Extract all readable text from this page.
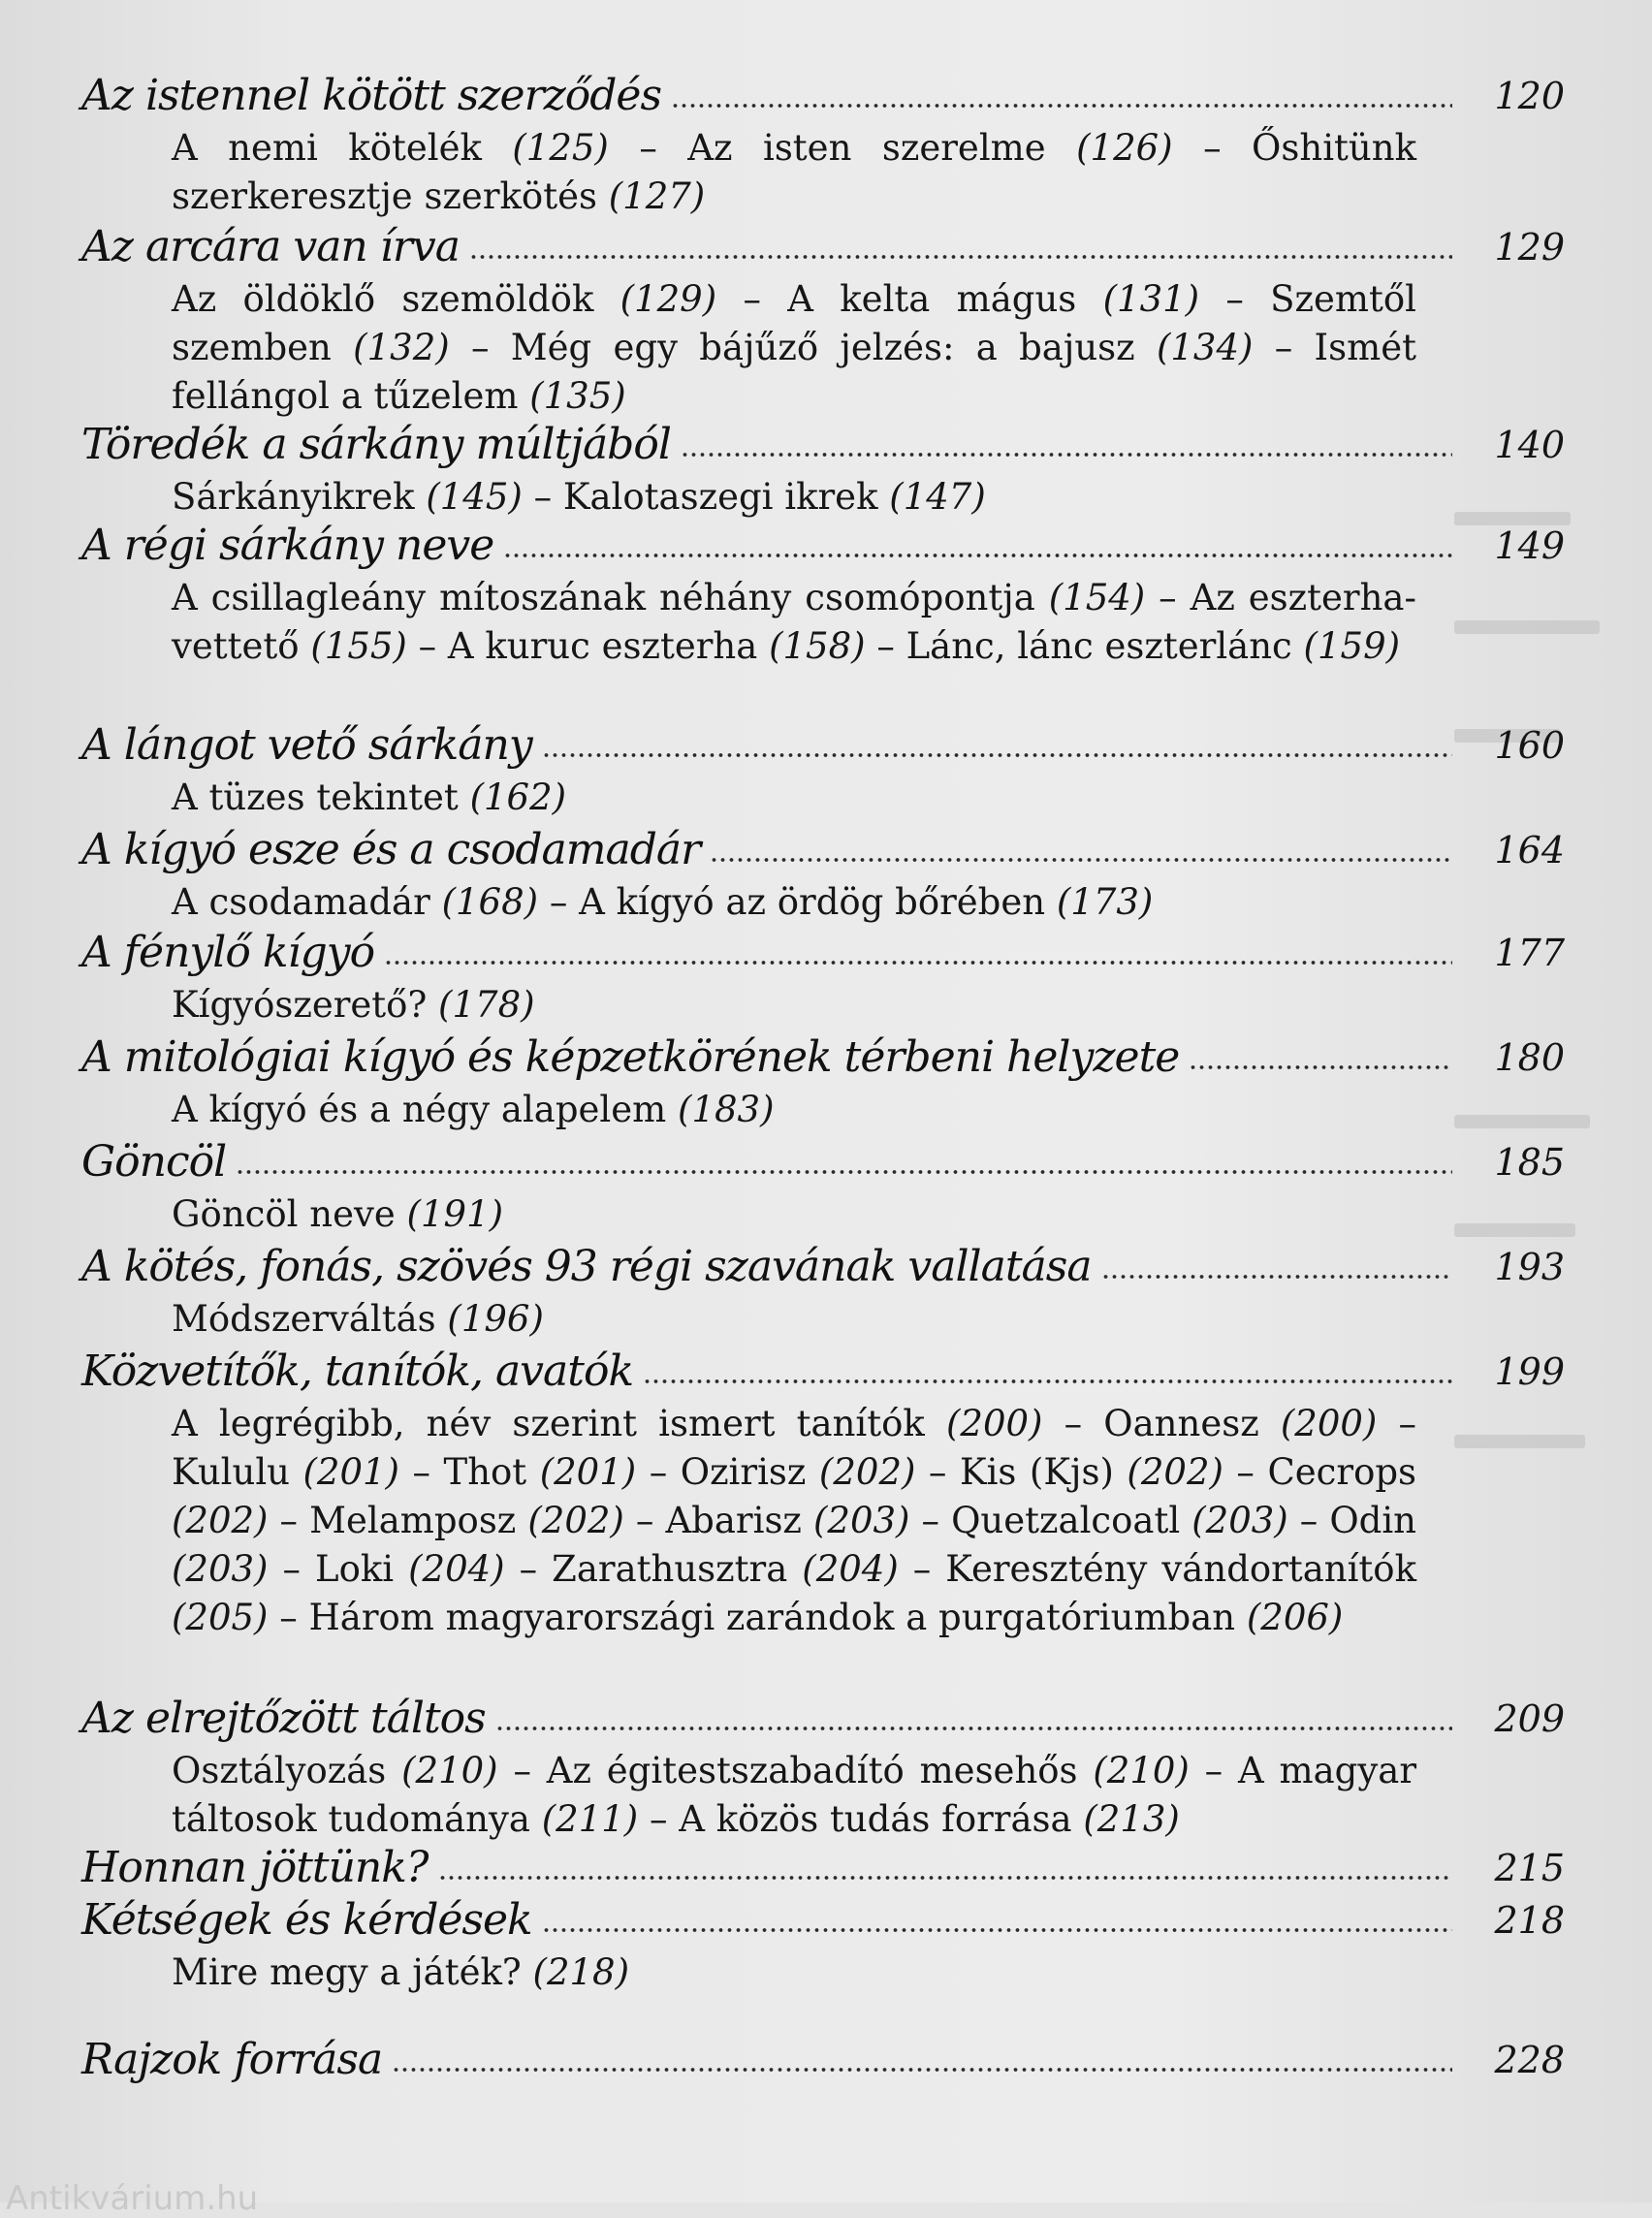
Az istennel kötött szerződés	120
A nemi kötelék (125) – Az isten szerelme (126) – Őshitünk szerkeresztje szerkötés (127)
Az arcára van írva	129
Az öldöklő szemöldök (129) – A kelta mágus (131) – Szemtől szemben (132) – Még egy bájűző jelzés: a bajusz (134) – Ismét fellángol a tűzelem (135)
Töredék a sárkány múltjából	140
Sárkányikrek (145) – Kalotaszegi ikrek (147)
A régi sárkány neve	149
A csillagleány mítoszának néhány csomópontja (154) – Az eszterha-vettető (155) – A kuruc eszterha (158) – Lánc, lánc eszterlánc (159)
A lángot vető sárkány	160
A tüzes tekintet (162)
A kígyó esze és a csodamadár	164
A csodamadár (168) – A kígyó az ördög bőrében (173)
A fénylő kígyó	177
Kígyószerető? (178)
A mitológiai kígyó és képzetkörének térbeni helyzete	180
A kígyó és a négy alapelem (183)
Göncöl	185
Göncöl neve (191)
A kötés, fonás, szövés 93 régi szavának vallatása	193
Módszerváltás (196)
Közvetítők, tanítók, avatók	199
A legrégibb, név szerint ismert tanítók (200) – Oannesz (200) – Kululu (201) – Thot (201) – Ozirisz (202) – Kis (Kjs) (202) – Cecrops (202) – Melamposz (202) – Abarisz (203) – Quetzalcoatl (203) – Odin (203) – Loki (204) – Zarathusztra (204) – Keresztény vándortanítók (205) – Három magyarországi zarándok a purgatóriumban (206)
Az elrejtőzött táltos	209
Osztályozás (210) – Az égitestszabadító mesehős (210) – A magyar táltosok tudománya (211) – A közös tudás forrása (213)
Honnan jöttünk?	215
Kétségek és kérdések	218
Mire megy a játék? (218)
Rajzok forrása	228
Antikvárium.hu
